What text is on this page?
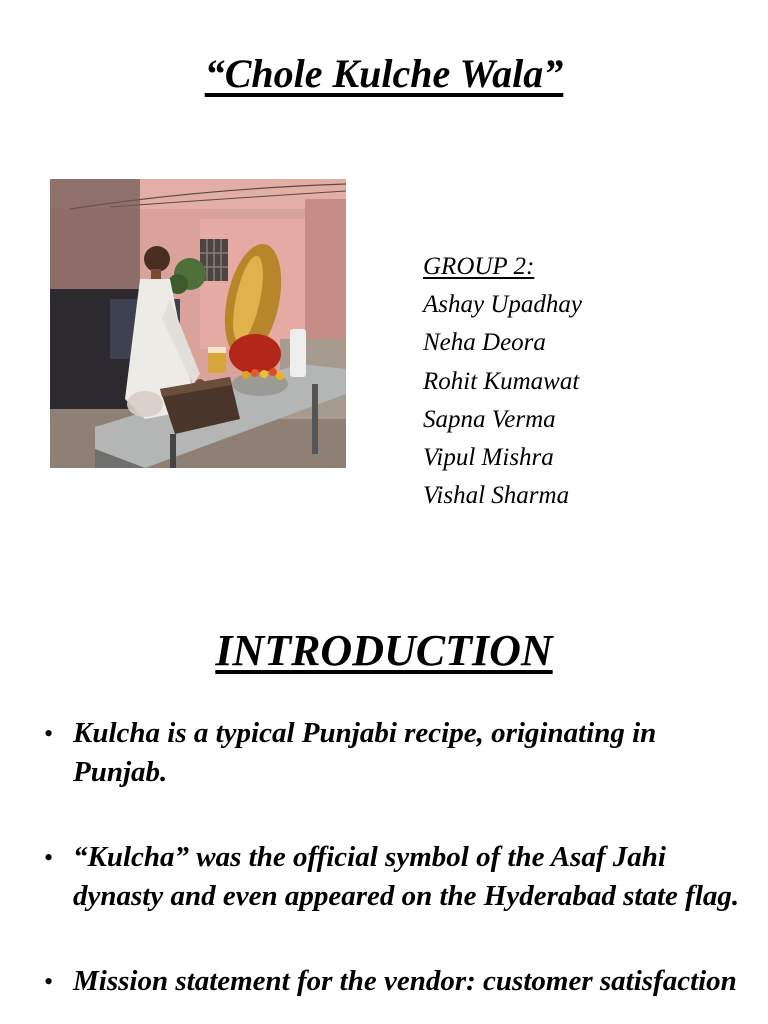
“Chole Kulche Wala”
GROUP 2:
Ashay Upadhay
Neha Deora
Rohit Kumawat
Sapna Verma
Vipul Mishra
Vishal Sharma
INTRODUCTION
• Kulcha is a typical Punjabi recipe, originating in Punjab.
• “Kulcha” was the official symbol of the Asaf Jahi dynasty and even appeared on the Hyderabad state flag.
• Mission statement for the vendor: customer satisfaction
